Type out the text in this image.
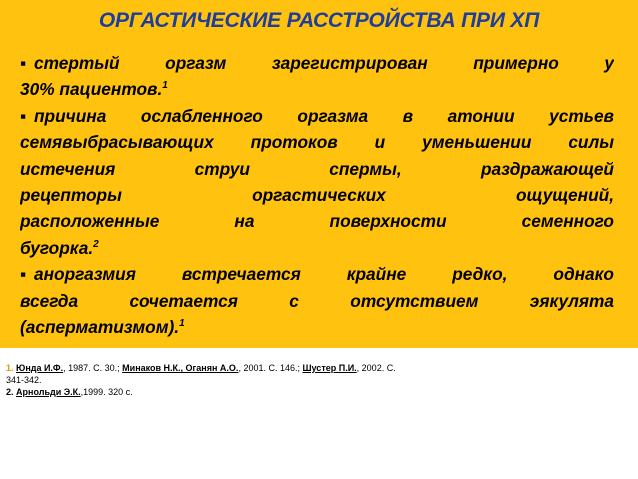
ОРГАСТИЧЕСКИЕ РАССТРОЙСТВА ПРИ ХП
▪ стертый оргазм зарегистрирован примерно у
30% пациентов.$^1$
▪ причина ослабленного оргазма в атонии устьев
семявыбрасывающих протоков и уменьшении силы
истечения струи спермы, раздражающей
рецепторы оргастических ощущений,
расположенные на поверхности семенного
бугорка.$^2$
▪ аноргазмия встречается крайне редко, однако
всегда сочетается с отсутствием эякулята
(асперматизмом).$^1$
1. Юнда И.Ф., 1987. С. 30.; Минаков Н.К., Оганян А.О., 2001. С. 146.; Шустер П.И., 2002. С.
341-342.
2. Арнольди Э.К.,1999. 320 с.
